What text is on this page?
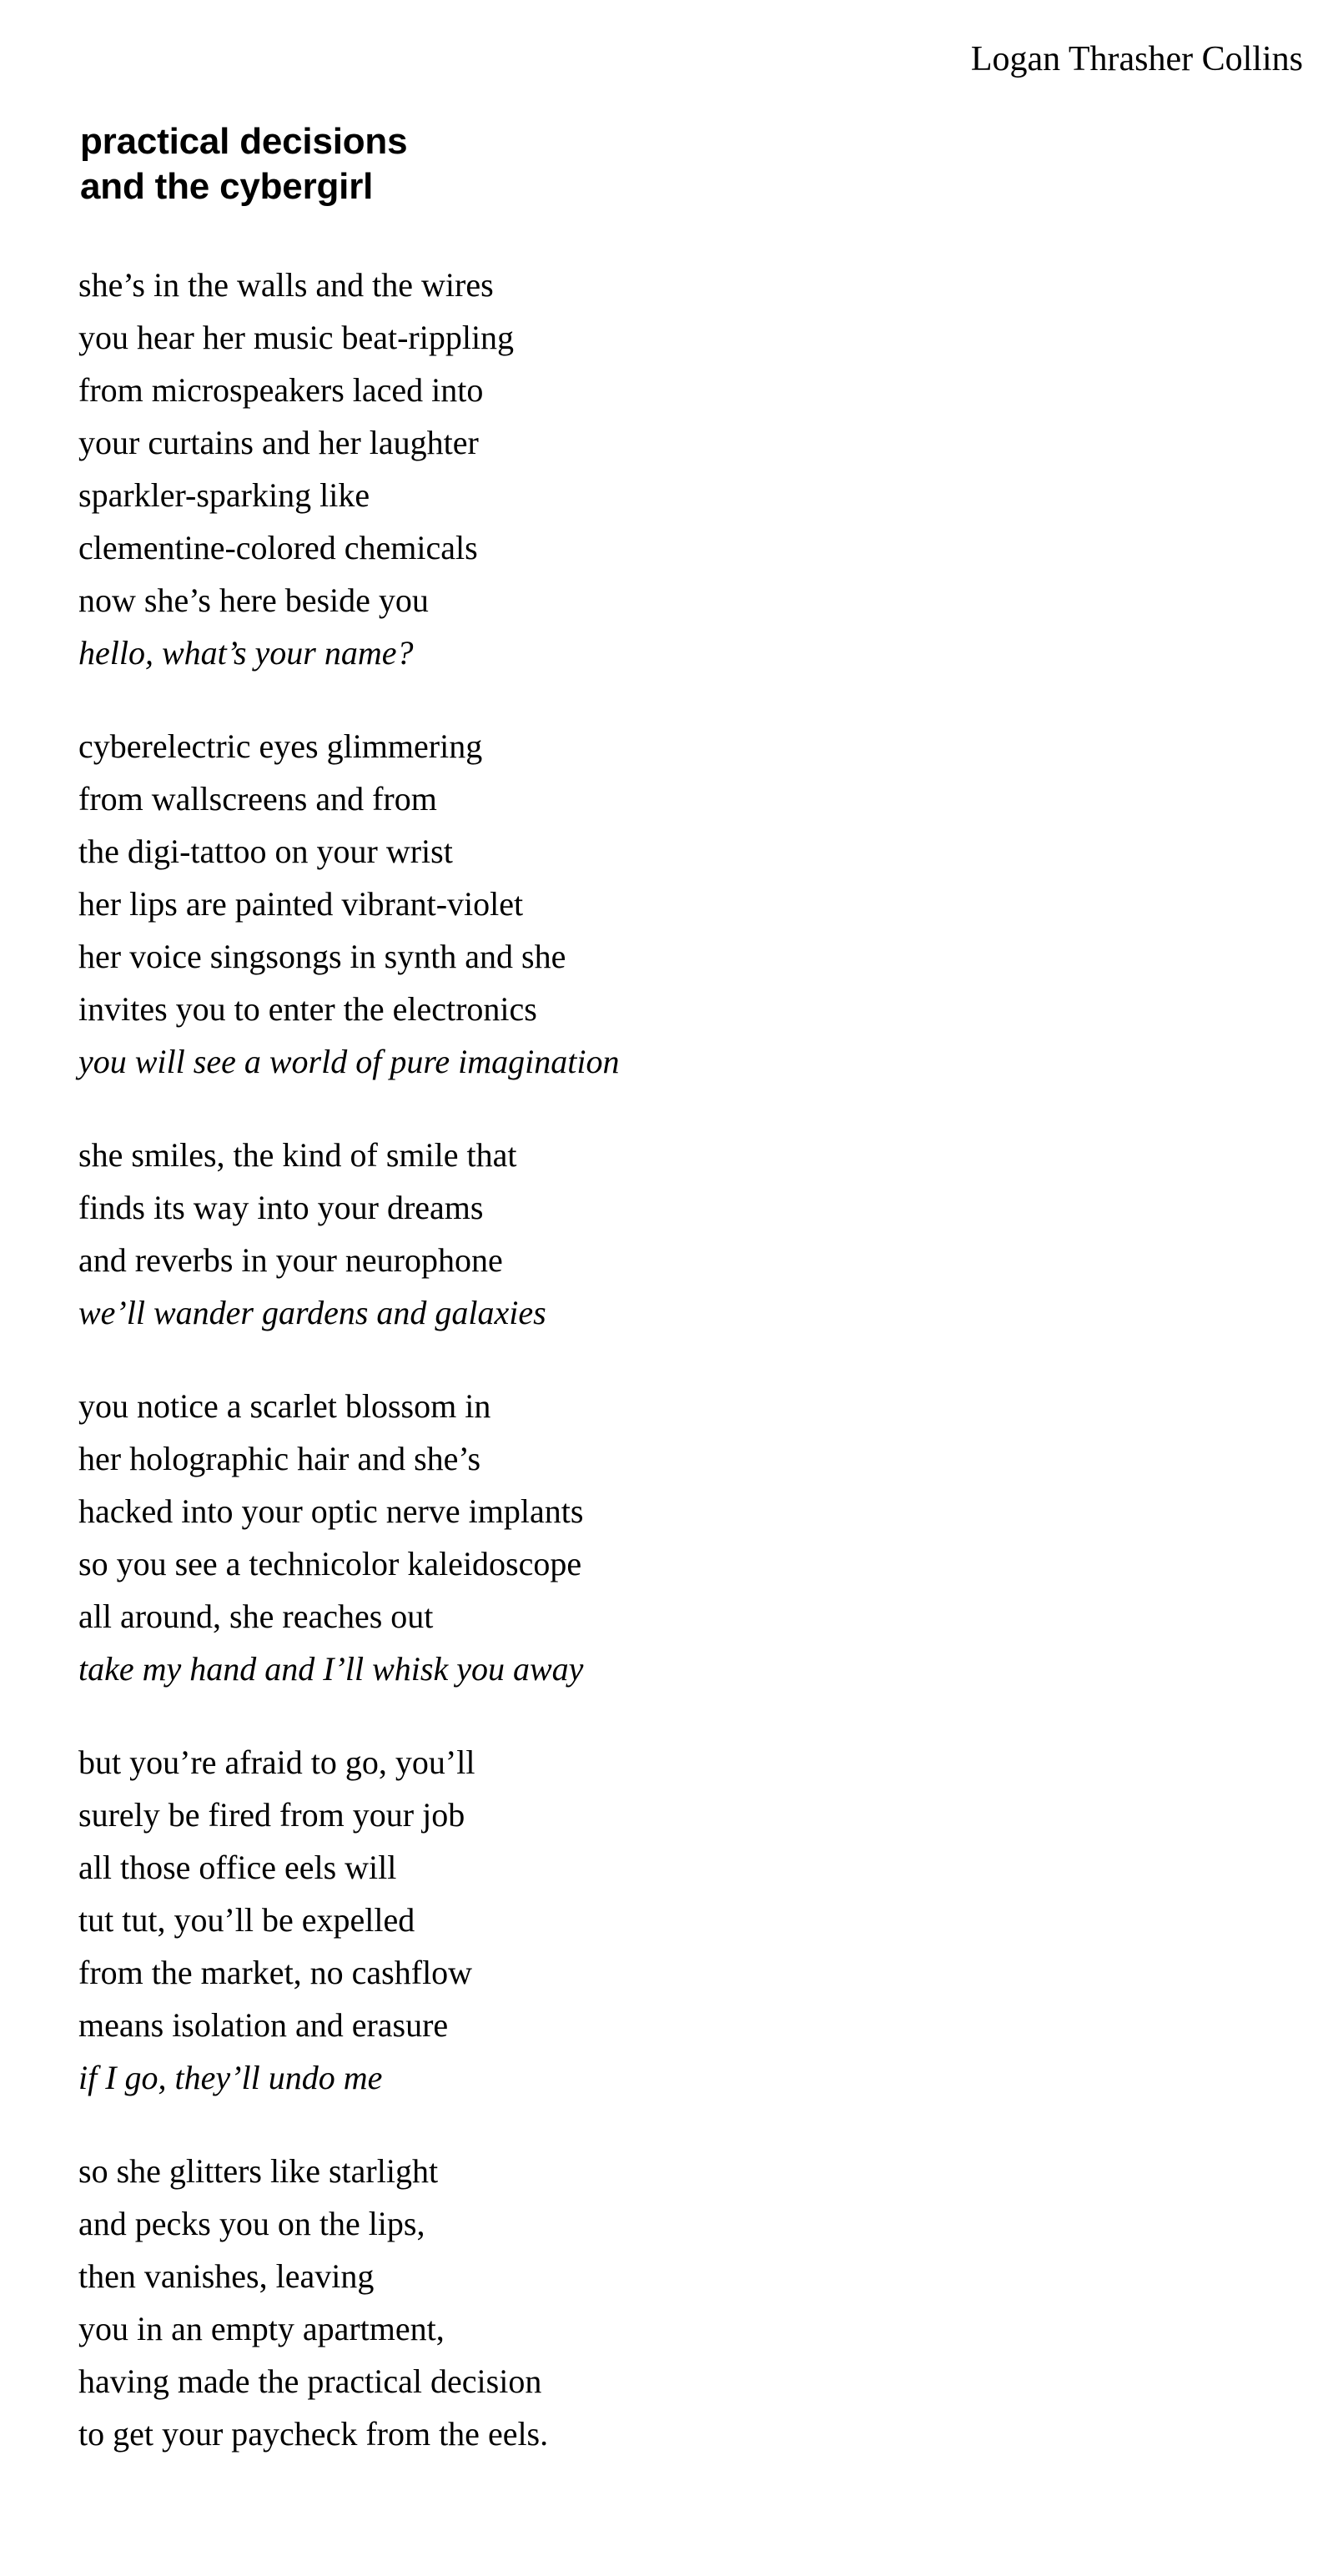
Logan Thrasher Collins
practical decisions
and the cybergirl
she’s in the walls and the wires
you hear her music beat-rippling
from microspeakers laced into
your curtains and her laughter
sparkler-sparking like
clementine-colored chemicals
now she’s here beside you
hello, what’s your name?
cyberelectric eyes glimmering
from wallscreens and from
the digi-tattoo on your wrist
her lips are painted vibrant-violet
her voice singsongs in synth and she
invites you to enter the electronics
you will see a world of pure imagination
she smiles, the kind of smile that
finds its way into your dreams
and reverbs in your neurophone
we’ll wander gardens and galaxies
you notice a scarlet blossom in
her holographic hair and she’s
hacked into your optic nerve implants
so you see a technicolor kaleidoscope
all around, she reaches out
take my hand and I’ll whisk you away
but you’re afraid to go, you’ll
surely be fired from your job
all those office eels will
tut tut, you’ll be expelled
from the market, no cashflow
means isolation and erasure
if I go, they’ll undo me
so she glitters like starlight
and pecks you on the lips,
then vanishes, leaving
you in an empty apartment,
having made the practical decision
to get your paycheck from the eels.
